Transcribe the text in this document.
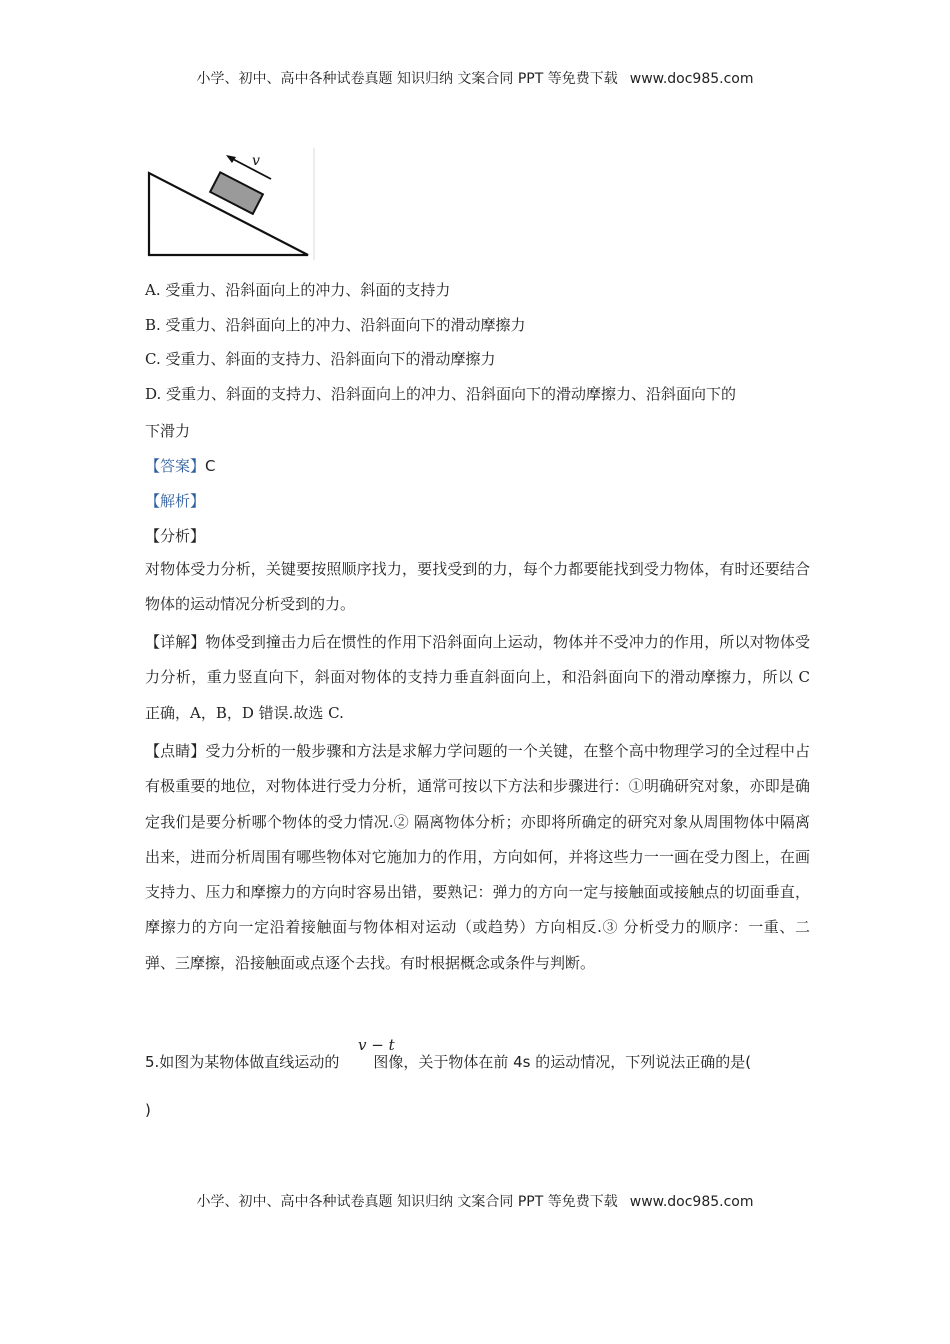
小学、初中、高中各种试卷真题 知识归纳 文案合同 PPT 等免费下载 www.doc985.com
v
A. 受重力、沿斜面向上的冲力、斜面的支持力
B. 受重力、沿斜面向上的冲力、沿斜面向下的滑动摩擦力
C. 受重力、斜面的支持力、沿斜面向下的滑动摩擦力
D. 受重力、斜面的支持力、沿斜面向上的冲力、沿斜面向下的滑动摩擦力、沿斜面向下的
下滑力
【答案】C
【解析】
【分析】
对物体受力分析，关键要按照顺序找力，要找受到的力，每个力都要能找到受力物体，有时还要结合物体的运动情况分析受到的力。
【详解】物体受到撞击力后在惯性的作用下沿斜面向上运动，物体并不受冲力的作用，所以对物体受力分析，重力竖直向下，斜面对物体的支持力垂直斜面向上，和沿斜面向下的滑动摩擦力，所以 C 正确，A，B，D 错误.故选 C.
【点睛】受力分析的一般步骤和方法是求解力学问题的一个关键，在整个高中物理学习的全过程中占有极重要的地位，对物体进行受力分析，通常可按以下方法和步骤进行：①明确研究对象，亦即是确定我们是要分析哪个物体的受力情况.② 隔离物体分析；亦即将所确定的研究对象从周围物体中隔离出来，进而分析周围有哪些物体对它施加力的作用，方向如何，并将这些力一一画在受力图上，在画支持力、压力和摩擦力的方向时容易出错，要熟记：弹力的方向一定与接触面或接触点的切面垂直，摩擦力的方向一定沿着接触面与物体相对运动（或趋势）方向相反.③ 分析受力的顺序：一重、二弹、三摩擦，沿接触面或点逐个去找。有时根据概念或条件与判断。
v − t
5.如图为某物体做直线运动的 图像，关于物体在前 4s 的运动情况，下列说法正确的是(
)
小学、初中、高中各种试卷真题 知识归纳 文案合同 PPT 等免费下载 www.doc985.com
